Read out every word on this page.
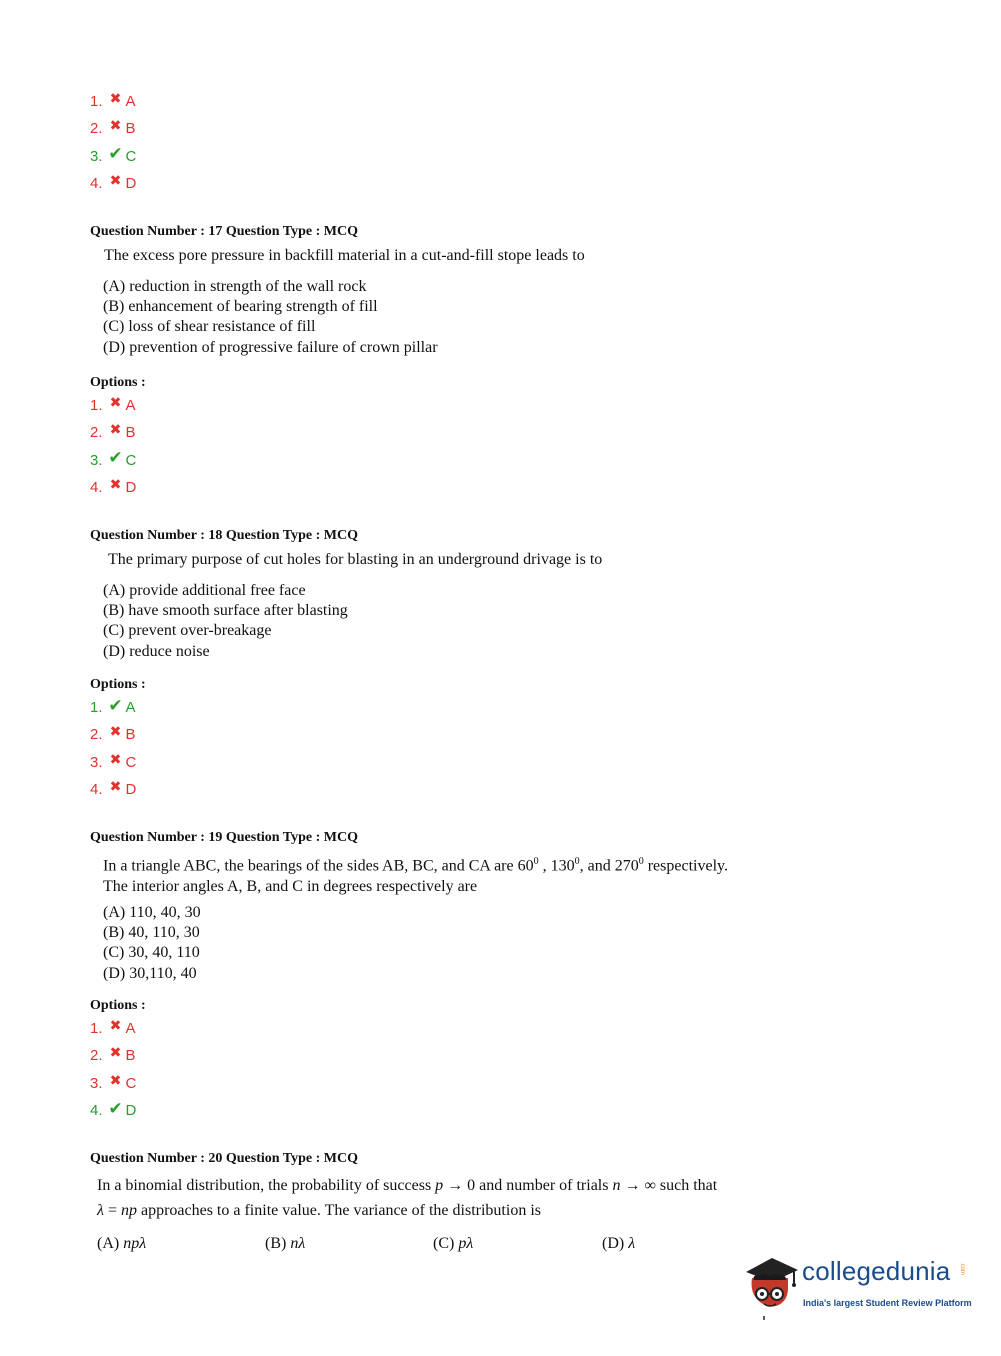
1. ✖ A
2. ✖ B
3. ✔ C
4. ✖ D
Question Number : 17 Question Type : MCQ
The excess pore pressure in backfill material in a cut-and-fill stope leads to
(A) reduction in strength of the wall rock
(B) enhancement of bearing strength of fill
(C) loss of shear resistance of fill
(D) prevention of progressive failure of crown pillar
Options :
1. ✖ A
2. ✖ B
3. ✔ C
4. ✖ D
Question Number : 18 Question Type : MCQ
The primary purpose of cut holes for blasting in an underground drivage is to
(A) provide additional free face
(B) have smooth surface after blasting
(C) prevent over-breakage
(D) reduce noise
Options :
1. ✔ A
2. ✖ B
3. ✖ C
4. ✖ D
Question Number : 19 Question Type : MCQ
In a triangle ABC, the bearings of the sides AB, BC, and CA are $60^0$ , $130^0$, and $270^0$ respectively.
The interior angles A, B, and C in degrees respectively are
(A) 110, 40, 30
(B) 40, 110, 30
(C) 30, 40, 110
(D) 30,110, 40
Options :
1. ✖ A
2. ✖ B
3. ✖ C
4. ✔ D
Question Number : 20 Question Type : MCQ
In a binomial distribution, the probability of success p → 0 and number of trials n → ∞ such that
λ = np approaches to a finite value. The variance of the distribution is
(A) npλ	(B) nλ	(C) pλ	(D) λ
collegedunia .com
India's largest Student Review Platform
